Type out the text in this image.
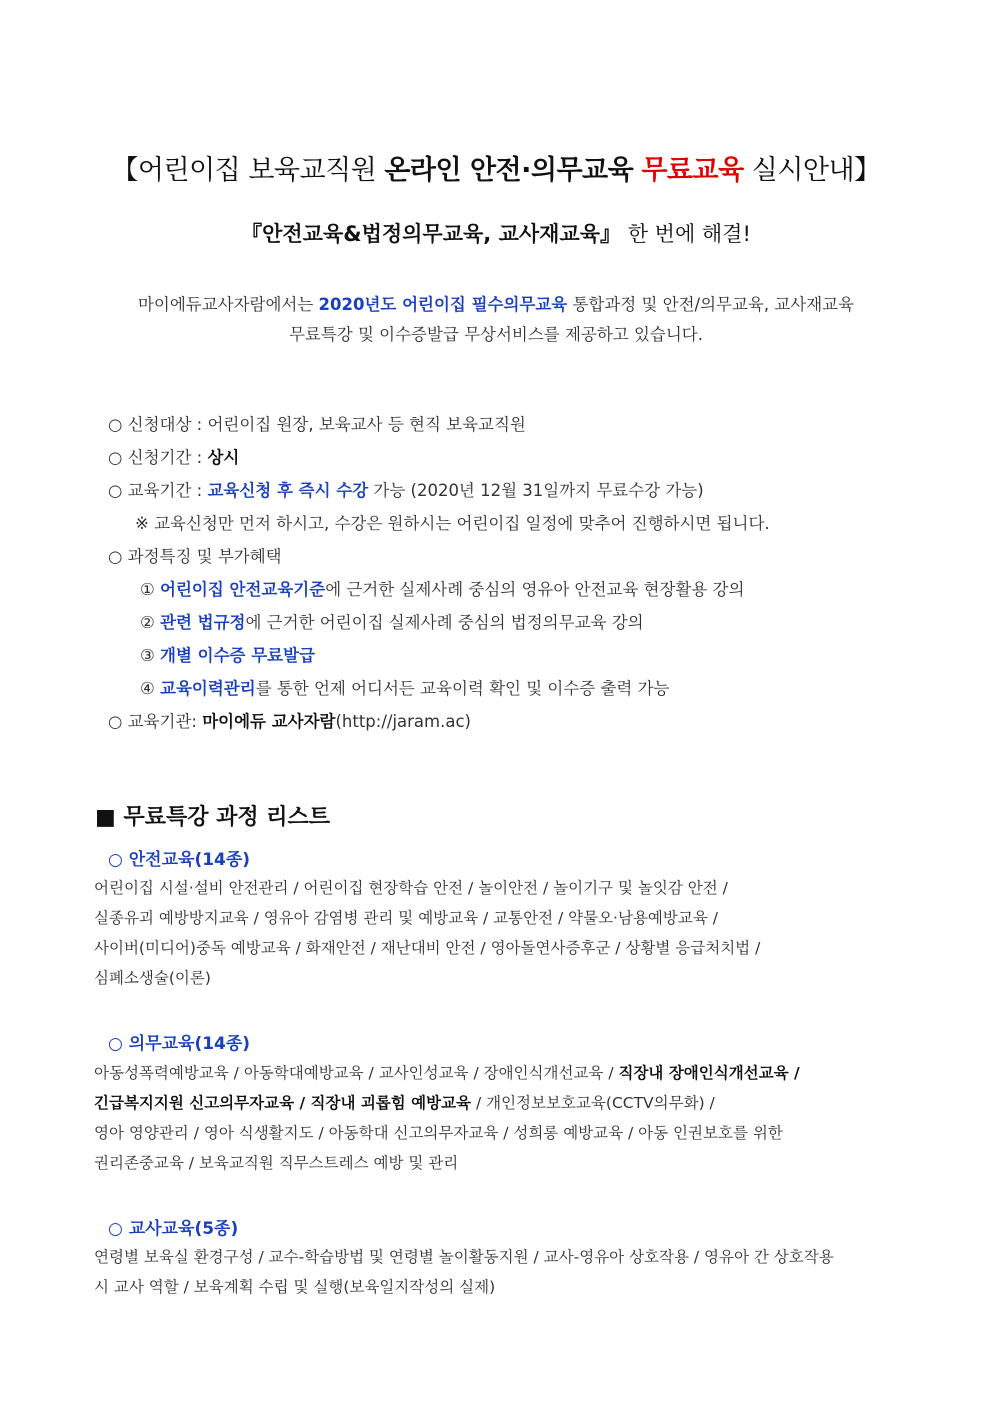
【어린이집 보육교직원 온라인 안전·의무교육 무료교육 실시안내】
『안전교육&법정의무교육, 교사재교육』 한 번에 해결!
마이에듀교사자람에서는 2020년도 어린이집 필수의무교육 통합과정 및 안전/의무교육, 교사재교육
무료특강 및 이수증발급 무상서비스를 제공하고 있습니다.
○ 신청대상 : 어린이집 원장, 보육교사 등 현직 보육교직원
○ 신청기간 : 상시
○ 교육기간 : 교육신청 후 즉시 수강 가능 (2020년 12월 31일까지 무료수강 가능)
※ 교육신청만 먼저 하시고, 수강은 원하시는 어린이집 일정에 맞추어 진행하시면 됩니다.
○ 과정특징 및 부가혜택
① 어린이집 안전교육기준에 근거한 실제사례 중심의 영유아 안전교육 현장활용 강의
② 관련 법규정에 근거한 어린이집 실제사례 중심의 법정의무교육 강의
③ 개별 이수증 무료발급
④ 교육이력관리를 통한 언제 어디서든 교육이력 확인 및 이수증 출력 가능
○ 교육기관: 마이에듀 교사자람(http://jaram.ac)
■ 무료특강 과정 리스트
○ 안전교육(14종)
어린이집 시설·설비 안전관리 / 어린이집 현장학습 안전 / 놀이안전 / 놀이기구 및 놀잇감 안전 /
실종유괴 예방방지교육 / 영유아 감염병 관리 및 예방교육 / 교통안전 / 약물오·남용예방교육 /
사이버(미디어)중독 예방교육 / 화재안전 / 재난대비 안전 / 영아돌연사증후군 / 상황별 응급처치법 /
심폐소생술(이론)
○ 의무교육(14종)
아동성폭력예방교육 / 아동학대예방교육 / 교사인성교육 / 장애인식개선교육 / 직장내 장애인식개선교육 /
긴급복지지원 신고의무자교육 / 직장내 괴롭힘 예방교육 / 개인정보보호교육(CCTV의무화) /
영아 영양관리 / 영아 식생활지도 / 아동학대 신고의무자교육 / 성희롱 예방교육 / 아동 인권보호를 위한
권리존중교육 / 보육교직원 직무스트레스 예방 및 관리
○ 교사교육(5종)
연령별 보육실 환경구성 / 교수-학습방법 및 연령별 놀이활동지원 / 교사-영유아 상호작용 / 영유아 간 상호작용
시 교사 역할 / 보육계획 수립 및 실행(보육일지작성의 실제)
